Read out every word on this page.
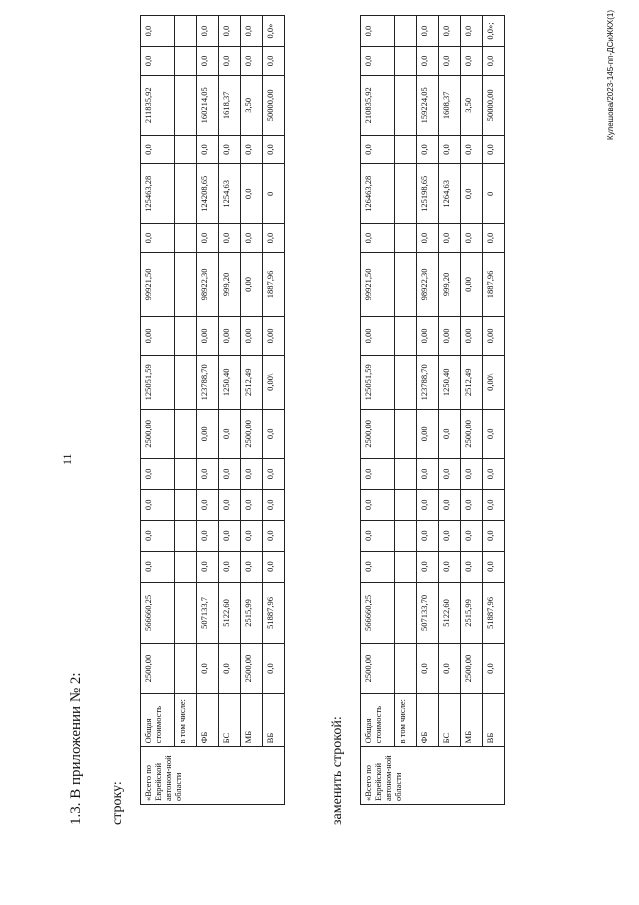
11
1.3. В приложении № 2: строку: «Всего по Еврейской автоном-ной области	Общая стоимость	2500,00	566660,25	0,0	0,0	0,0	0,0	2500,00	125051,59	0,00	99921,50	0,0	125463,28	0,0	211835,92	0,0	0,0
	в том числе:																
	ФБ	0,0	507133,7	0,0	0,0	0,0	0,0	0,00	123788,70	0,00	98922,30	0,0	124208,65	0,0	160214,05	0,0	0,0
	БС	0,0	5122,60	0,0	0,0	0,0	0,0	0,0	1250,40	0,00	999,20	0,0	1254,63	0,0	1618,37	0,0	0,0
	МБ	2500,00	2515,99	0,0	0,0	0,0	0,0	2500,00	2512,49	0,00	0,00	0,0	0,0	0,0	3,50	0,0	0,0
	ВБ	0,0	51887,96	0,0	0,0	0,0	0,0	0,0	0,00\	0,00	1887,96	0,0	0	0,0	50000,00	0,0	0,0»
заменить строкой: «Всего по Еврейской автоном-ной области	Общая стоимость	2500,00	566660,25	0,0	0,0	0,0	0,0	2500,00	125051,59	0,00	99921,50	0,0	126463,28	0,0	210835,92	0,0	0,0
	в том числе:																
	ФБ	0,0	507133,70	0,0	0,0	0,0	0,0	0,00	123788,70	0,00	98922,30	0,0	125198,65	0,0	159224,05	0,0	0,0
	БС	0,0	5122,60	0,0	0,0	0,0	0,0	0,0	1250,40	0,00	999,20	0,0	1264,63	0,0	1608,37	0,0	0,0
	МБ	2500,00	2515,99	0,0	0,0	0,0	0,0	2500,00	2512,49	0,00	0,00	0,0	0,0	0,0	3,50	0,0	0,0
	ВБ	0,0	51887,96	0,0	0,0	0,0	0,0	0,0	0,00\	0,00	1887,96	0,0	0	0,0	50000,00	0,0	0,0»;	Кулешова/2023-145-пп-ДСиЖКХ(1)
